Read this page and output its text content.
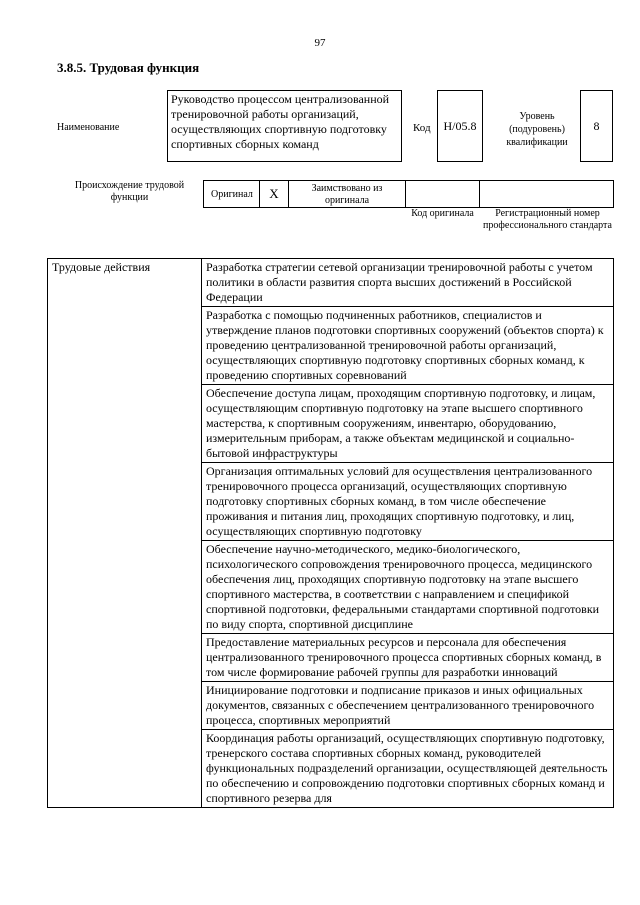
97
3.8.5. Трудовая функция
Наименование
Руководство процессом централизованной тренировочной работы организаций, осуществляющих спортивную подготовку спортивных сборных команд
Код	H/05.8
Уровень (подуровень) квалификации
8
Происхождение трудовой функции	Оригинал	X	Заимствовано из оригинала
Код оригинала	Регистрационный номер профессионального стандарта
Трудовые действия	Разработка стратегии сетевой организации тренировочной работы с учетом политики в области развития спорта высших достижений в Российской Федерации
Разработка с помощью подчиненных работников, специалистов и утверждение планов подготовки спортивных сооружений (объектов спорта) к проведению централизованной тренировочной работы организаций, осуществляющих спортивную подготовку спортивных сборных команд, к проведению спортивных соревнований
Обеспечение доступа лицам, проходящим спортивную подготовку, и лицам, осуществляющим спортивную подготовку на этапе высшего спортивного мастерства, к спортивным сооружениям, инвентарю, оборудованию, измерительным приборам, а также объектам медицинской и социально-бытовой инфраструктуры
Организация оптимальных условий для осуществления централизованного тренировочного процесса организаций, осуществляющих спортивную подготовку спортивных сборных команд, в том числе обеспечение проживания и питания лиц, проходящих спортивную подготовку, и лиц, осуществляющих спортивную подготовку
Обеспечение научно-методического, медико-биологического, психологического сопровождения тренировочного процесса, медицинского обеспечения лиц, проходящих спортивную подготовку на этапе высшего спортивного мастерства, в соответствии с направлением и спецификой спортивной подготовки, федеральными стандартами спортивной подготовки по виду спорта, спортивной дисциплине
Предоставление материальных ресурсов и персонала для обеспечения централизованного тренировочного процесса спортивных сборных команд, в том числе формирование рабочей группы для разработки инноваций
Инициирование подготовки и подписание приказов и иных официальных документов, связанных с обеспечением централизованного тренировочного процесса, спортивных мероприятий
Координация работы организаций, осуществляющих спортивную подготовку, тренерского состава спортивных сборных команд, руководителей функциональных подразделений организации, осуществляющей деятельность по обеспечению и сопровождению подготовки спортивных сборных команд и спортивного резерва для
